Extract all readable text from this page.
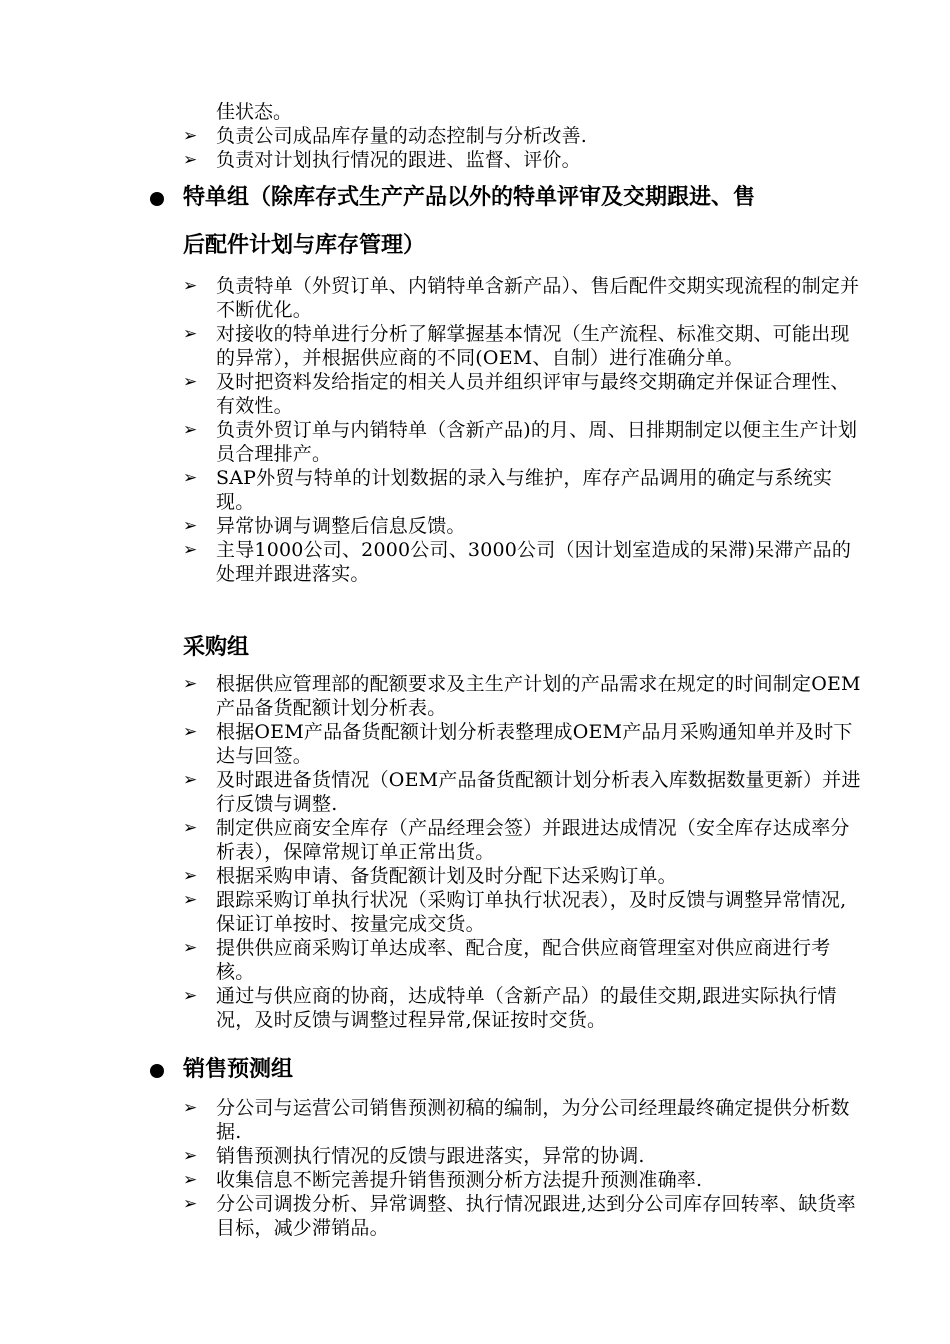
佳状态。
➢ 负责公司成品库存量的动态控制与分析改善.
➢ 负责对计划执行情况的跟进、监督、评价。
特单组（除库存式生产产品以外的特单评审及交期跟进、售
后配件计划与库存管理）
➢ 负责特单（外贸订单、内销特单含新产品）、售后配件交期实现流程的制定并不断优化。
➢ 对接收的特单进行分析了解掌握基本情况（生产流程、标准交期、可能出现的异常），并根据供应商的不同(OEM、自制）进行准确分单。
➢ 及时把资料发给指定的相关人员并组织评审与最终交期确定并保证合理性、有效性。
➢ 负责外贸订单与内销特单（含新产品)的月、周、日排期制定以便主生产计划员合理排产。
➢ SAP外贸与特单的计划数据的录入与维护，库存产品调用的确定与系统实现。
➢ 异常协调与调整后信息反馈。
➢ 主导1000公司、2000公司、3000公司（因计划室造成的呆滞)呆滞产品的处理并跟进落实。
采购组
➢ 根据供应管理部的配额要求及主生产计划的产品需求在规定的时间制定OEM产品备货配额计划分析表。
➢ 根据OEM产品备货配额计划分析表整理成OEM产品月采购通知单并及时下达与回签。
➢ 及时跟进备货情况（OEM产品备货配额计划分析表入库数据数量更新）并进行反馈与调整.
➢ 制定供应商安全库存（产品经理会签）并跟进达成情况（安全库存达成率分析表），保障常规订单正常出货。
➢ 根据采购申请、备货配额计划及时分配下达采购订单。
➢ 跟踪采购订单执行状况（采购订单执行状况表），及时反馈与调整异常情况,保证订单按时、按量完成交货。
➢ 提供供应商采购订单达成率、配合度，配合供应商管理室对供应商进行考核。
➢ 通过与供应商的协商，达成特单（含新产品）的最佳交期,跟进实际执行情况，及时反馈与调整过程异常,保证按时交货。
销售预测组
➢ 分公司与运营公司销售预测初稿的编制，为分公司经理最终确定提供分析数据.
➢ 销售预测执行情况的反馈与跟进落实，异常的协调.
➢ 收集信息不断完善提升销售预测分析方法提升预测准确率.
➢ 分公司调拨分析、异常调整、执行情况跟进,达到分公司库存回转率、缺货率目标，减少滞销品。
